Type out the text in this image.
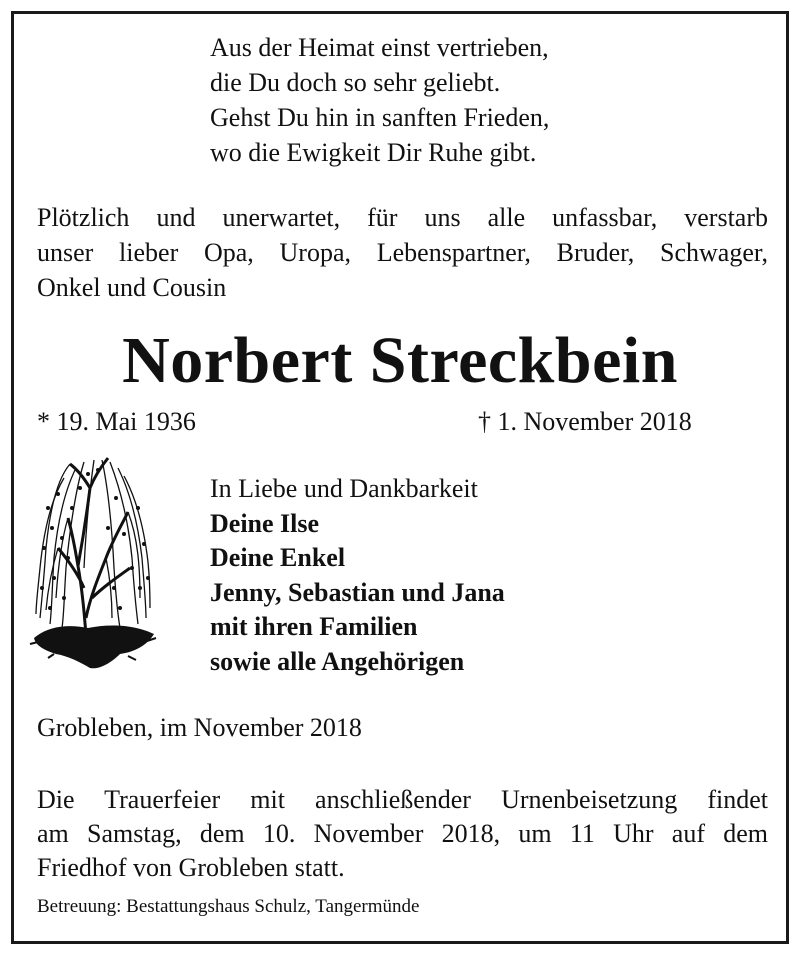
Aus der Heimat einst vertrieben,
die Du doch so sehr geliebt.
Gehst Du hin in sanften Frieden,
wo die Ewigkeit Dir Ruhe gibt.
Plötzlich und unerwartet, für uns alle unfassbar, verstarb
unser lieber Opa, Uropa, Lebenspartner, Bruder, Schwager,
Onkel und Cousin
Norbert Streckbein
* 19. Mai 1936	† 1. November 2018
In Liebe und Dankbarkeit
Deine Ilse
Deine Enkel
Jenny, Sebastian und Jana
mit ihren Familien
sowie alle Angehörigen
Grobleben, im November 2018
Die Trauerfeier mit anschließender Urnenbeisetzung findet
am Samstag, dem 10. November 2018, um 11 Uhr auf dem
Friedhof von Grobleben statt.
Betreuung: Bestattungshaus Schulz, Tangermünde
